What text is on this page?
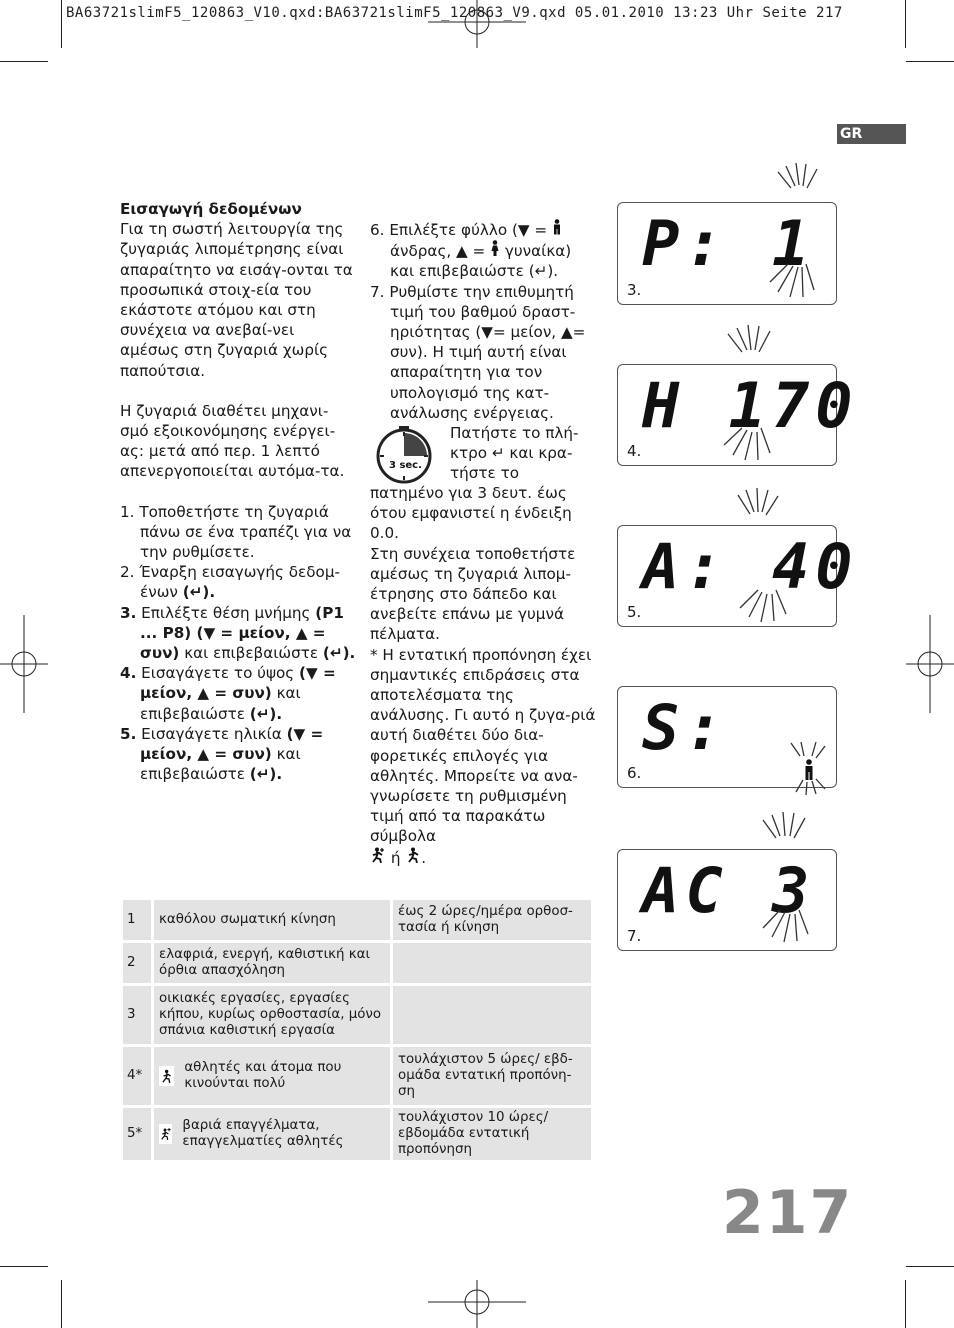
BA63721slimF5_120863_V10.qxd:BA63721slimF5_120863_V9.qxd 05.01.2010 13:23 Uhr Seite 217
GR

Εισαγωγή δεδομένων

Για τη σωστή λειτουργία της ζυγαριάς λιπομέτρησης είναι απαραίτητο να εισάγ-ονται τα προσωπικά στοιχ-εία του εκάστοτε ατόμου και στη συνέχεια να ανεβαί-νει αμέσως στη ζυγαριά χωρίς παπούτσια.

Η ζυγαριά διαθέτει μηχανι-σμό εξοικονόμησης ενέργει-ας: μετά από περ. 1 λεπτό απενεργοποιείται αυτόμα-τα.

1. Τοποθετήστε τη ζυγαριά πάνω σε ένα τραπέζι για να την ρυθμίσετε.

2. Έναρξη εισαγωγής δεδομ-ένων (↵).

3. Επιλέξτε θέση μνήμης (P1 ... P8) (▼ = μείον, ▲ = συν) και επιβεβαιώστε (↵).

4. Εισαγάγετε το ύψος (▼ = μείον, ▲ = συν) και επιβεβαιώστε (↵).

5. Εισαγάγετε ηλικία (▼ = μείον, ▲ = συν) και επιβεβαιώστε (↵).

6. Επιλέξτε φύλλο (▼ =  άνδρας, ▲ = γυναίκα) και επιβεβαιώστε (↵).

7. Ρυθμίστε την επιθυμητή τιμή του βαθμού δραστ-ηριότητας (▼= μείον, ▲= συν). Η τιμή αυτή είναι απαραίτητη για τον υπολογισμό της κατ-ανάλωσης ενέργειας.

3 sec.

Πατήστε το πλή-

κτρο ↵ και κρα-

τήστε το

πατημένο για 3 δευτ. έως ότου εμφανιστεί η ένδειξη 0.0.

Στη συνέχεια τοποθετήστε αμέσως τη ζυγαριά λιπομ-έτρησης στο δάπεδο και ανεβείτε επάνω με γυμνά πέλματα.

* Η εντατική προπόνηση έχει σημαντικές επιδράσεις στα αποτελέσματα της ανάλυσης. Γι αυτό η ζυγα-ριά αυτή διαθέτει δύο δια-φορετικές επιλογές για αθλητές. Μπορείτε να ανα-γνωρίσετε τη ρυθμισμένη τιμή από τα παρακάτω σύμβολα

ή .

P: 1
3.
H 170
4.
A: 40
5.
S:
6.
AC 3
7.
1	καθόλου σωματική κίνηση	έως 2 ώρες/ημέρα ορθοσ-τασία ή κίνηση
2	ελαφριά, ενεργή, καθιστική και όρθια απασχόληση	
3	οικιακές εργασίες, εργασίες κήπου, κυρίως ορθοστασία, μόνο σπάνια καθιστική εργασία	
4*	αθλητές και άτομα που κινούνται πολύ	τουλάχιστον 5 ώρες/ εβδ-ομάδα εντατική προπόνη-ση
5*	βαριά επαγγέλματα, επαγγελματίες αθλητές	τουλάχιστον 10 ώρες/εβδομάδα εντατική προπόνηση
217
